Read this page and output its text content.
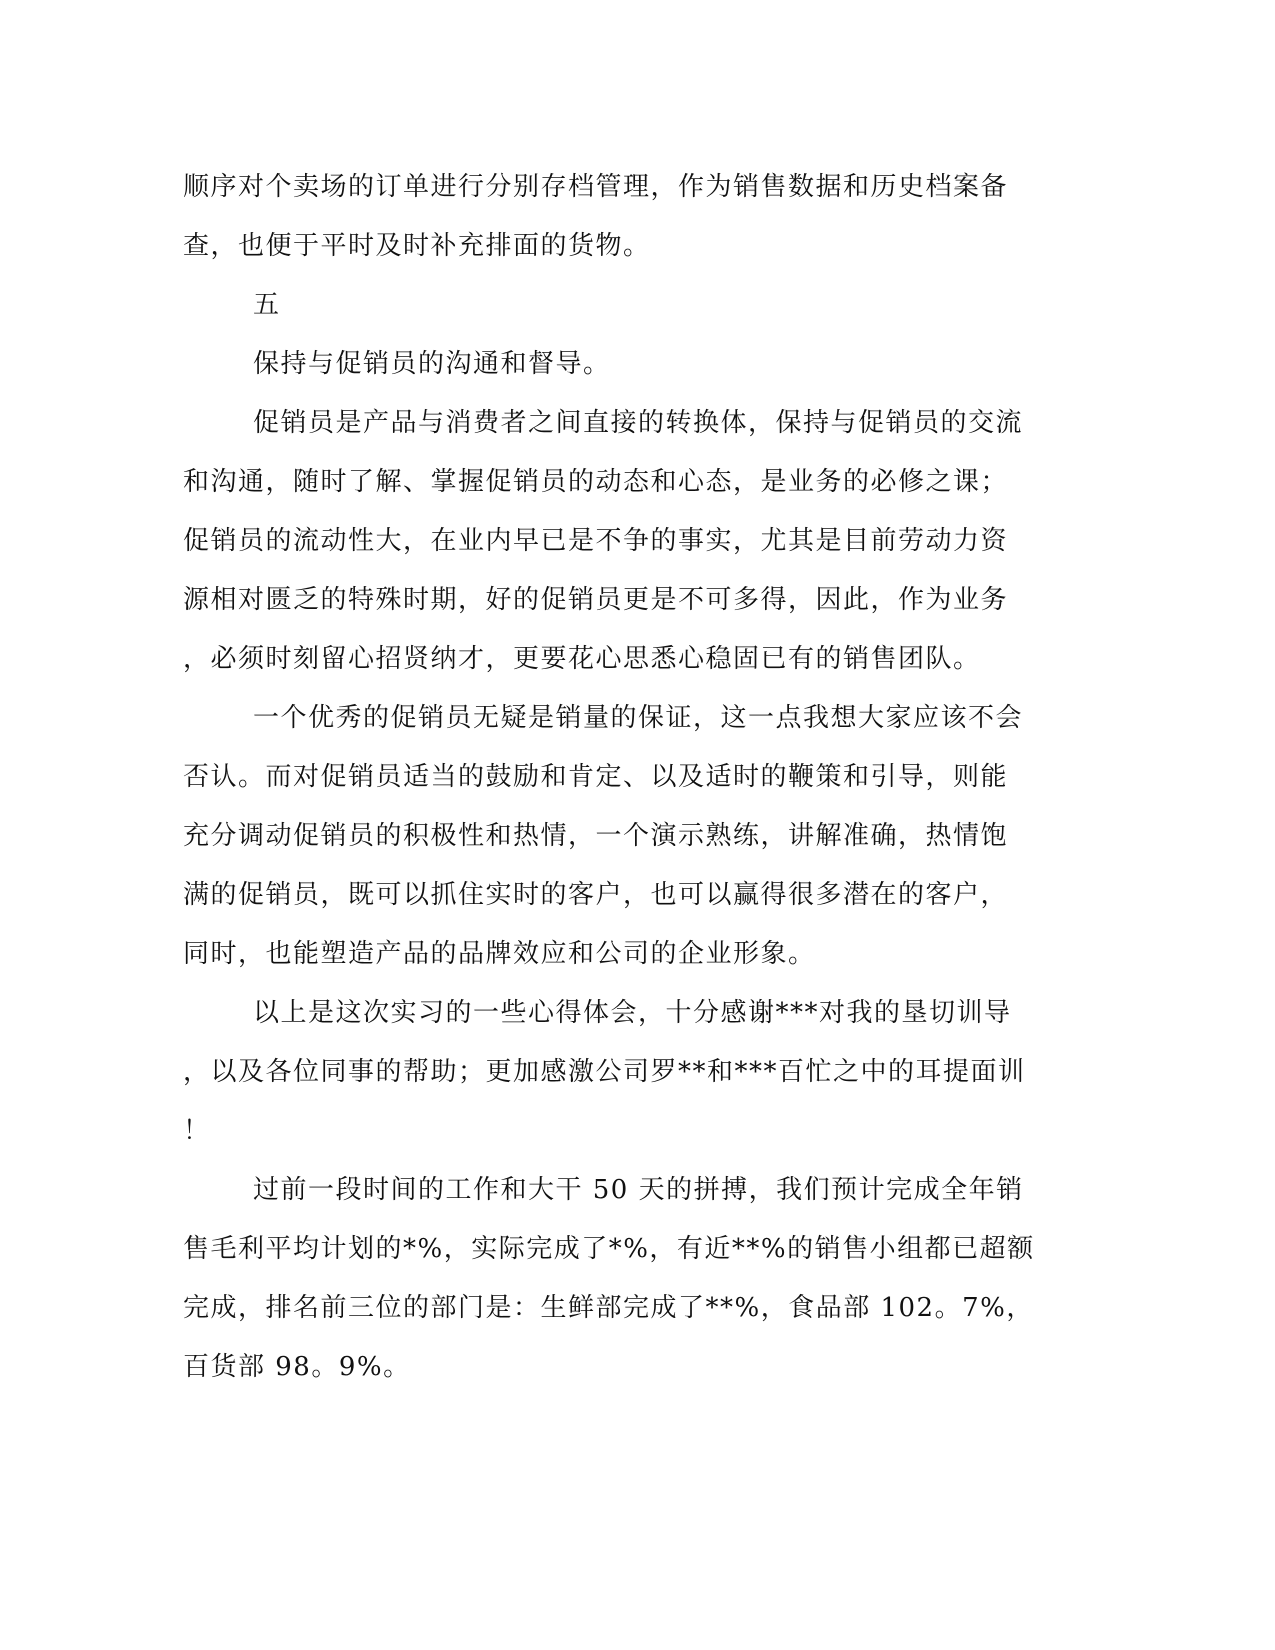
顺序对个卖场的订单进行分别存档管理，作为销售数据和历史档案备
查，也便于平时及时补充排面的货物。
五
保持与促销员的沟通和督导。
促销员是产品与消费者之间直接的转换体，保持与促销员的交流
和沟通，随时了解、掌握促销员的动态和心态，是业务的必修之课；
促销员的流动性大，在业内早已是不争的事实，尤其是目前劳动力资
源相对匮乏的特殊时期，好的促销员更是不可多得，因此，作为业务
，必须时刻留心招贤纳才，更要花心思悉心稳固已有的销售团队。
一个优秀的促销员无疑是销量的保证，这一点我想大家应该不会
否认。而对促销员适当的鼓励和肯定、以及适时的鞭策和引导，则能
充分调动促销员的积极性和热情，一个演示熟练，讲解准确，热情饱
满的促销员，既可以抓住实时的客户，也可以赢得很多潜在的客户，
同时，也能塑造产品的品牌效应和公司的企业形象。
以上是这次实习的一些心得体会，十分感谢***对我的垦切训导
，以及各位同事的帮助；更加感激公司罗**和***百忙之中的耳提面训
！
过前一段时间的工作和大干 50 天的拼搏，我们预计完成全年销
售毛利平均计划的*%，实际完成了*%，有近**%的销售小组都已超额
完成，排名前三位的部门是：生鲜部完成了**%，食品部 102。7%，
百货部 98。9%。
